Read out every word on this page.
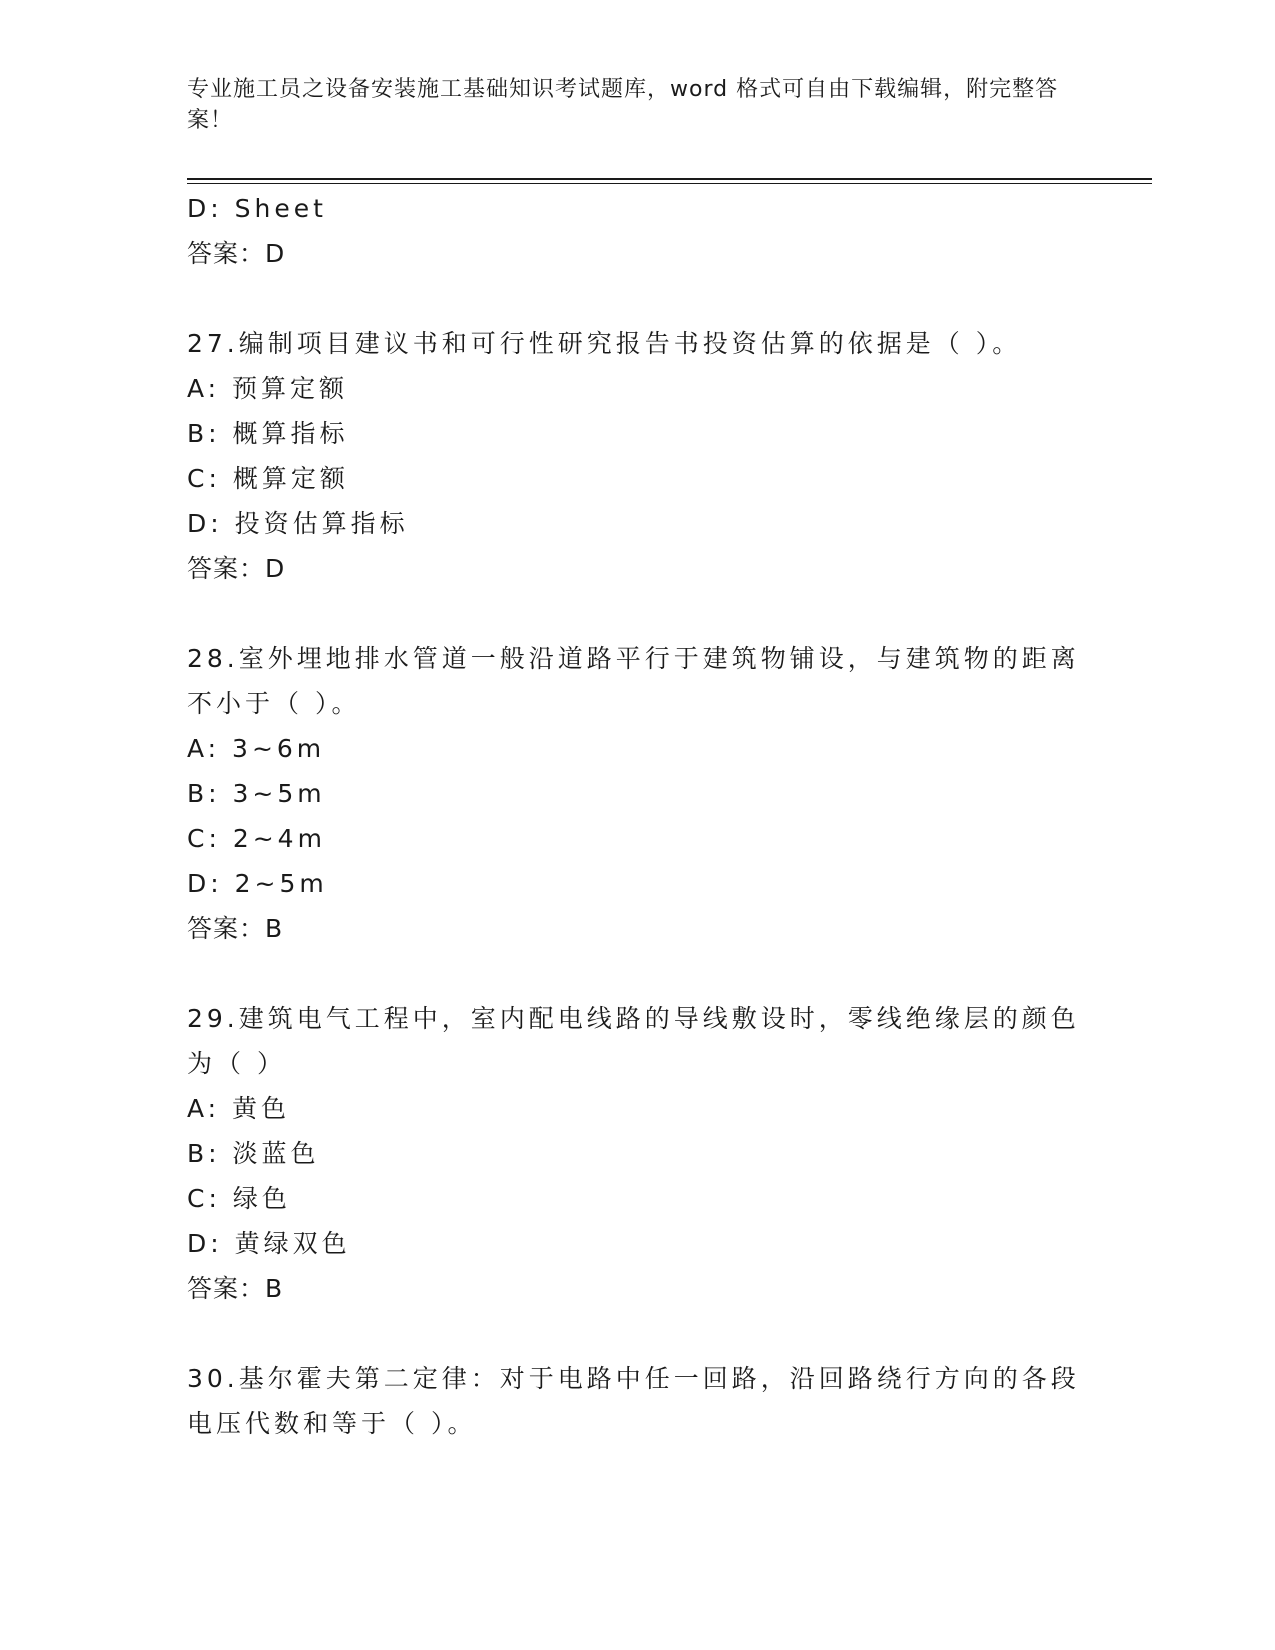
专业施工员之设备安装施工基础知识考试题库，word 格式可自由下载编辑，附完整答案！
D: Sheet
答案：D
27.编制项目建议书和可行性研究报告书投资估算的依据是（ ）。
A: 预算定额
B: 概算指标
C: 概算定额
D: 投资估算指标
答案：D
28.室外埋地排水管道一般沿道路平行于建筑物铺设，与建筑物的距离
不小于（ ）。
A: 3~6m
B: 3~5m
C: 2~4m
D: 2~5m
答案：B
29.建筑电气工程中，室内配电线路的导线敷设时，零线绝缘层的颜色
为（ ）
A: 黄色
B: 淡蓝色
C: 绿色
D: 黄绿双色
答案：B
30.基尔霍夫第二定律：对于电路中任一回路，沿回路绕行方向的各段
电压代数和等于（ ）。
